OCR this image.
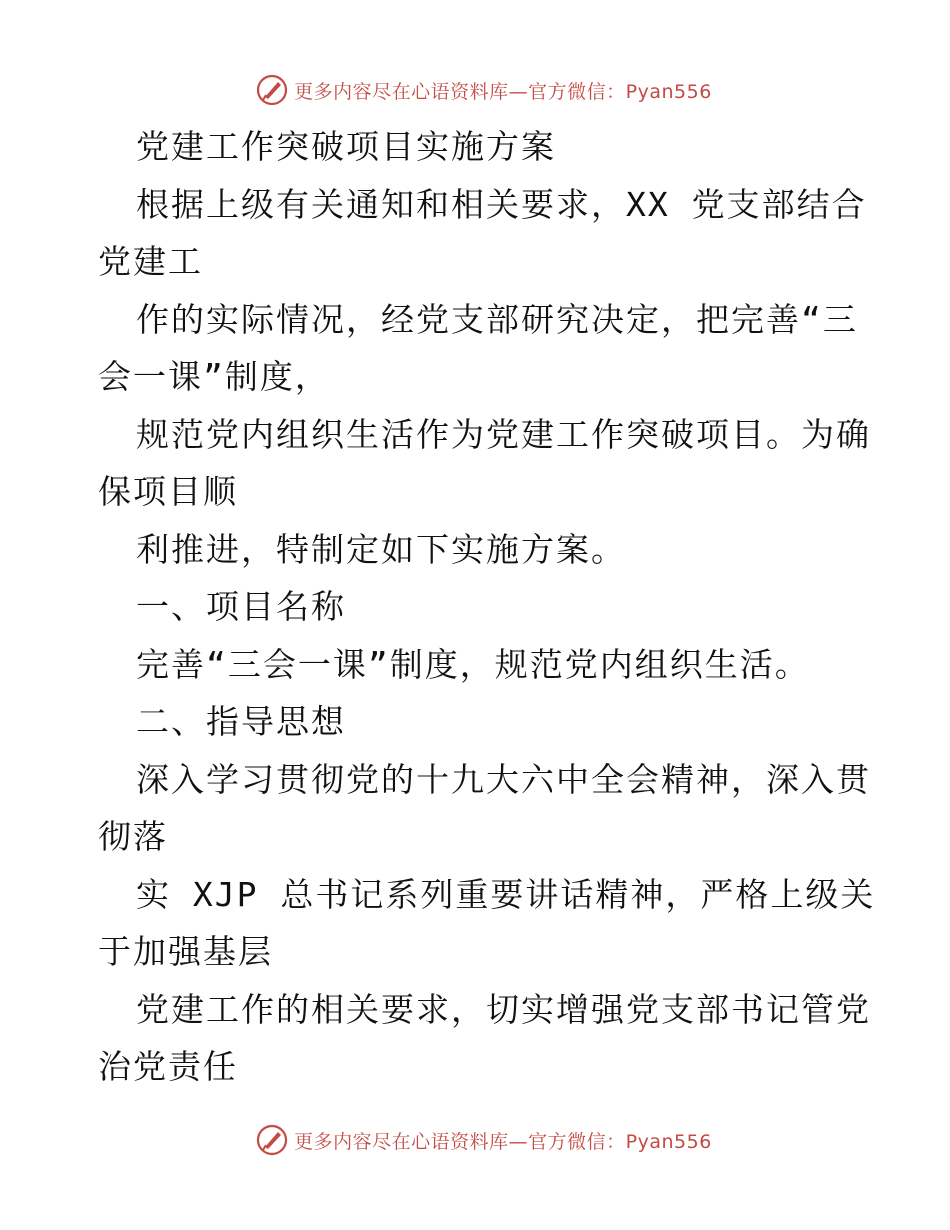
更多内容尽在心语资料库—官方微信：Pyan556
党建工作突破项目实施方案
根据上级有关通知和相关要求，XX 党支部结合
党建工
作的实际情况，经党支部研究决定，把完善“三
会一课”制度，
规范党内组织生活作为党建工作突破项目。为确
保项目顺
利推进，特制定如下实施方案。
一、项目名称
完善“三会一课”制度，规范党内组织生活。
二、指导思想
深入学习贯彻党的十九大六中全会精神，深入贯
彻落
实 XJP 总书记系列重要讲话精神，严格上级关
于加强基层
党建工作的相关要求，切实增强党支部书记管党
治党责任
更多内容尽在心语资料库—官方微信：Pyan556
